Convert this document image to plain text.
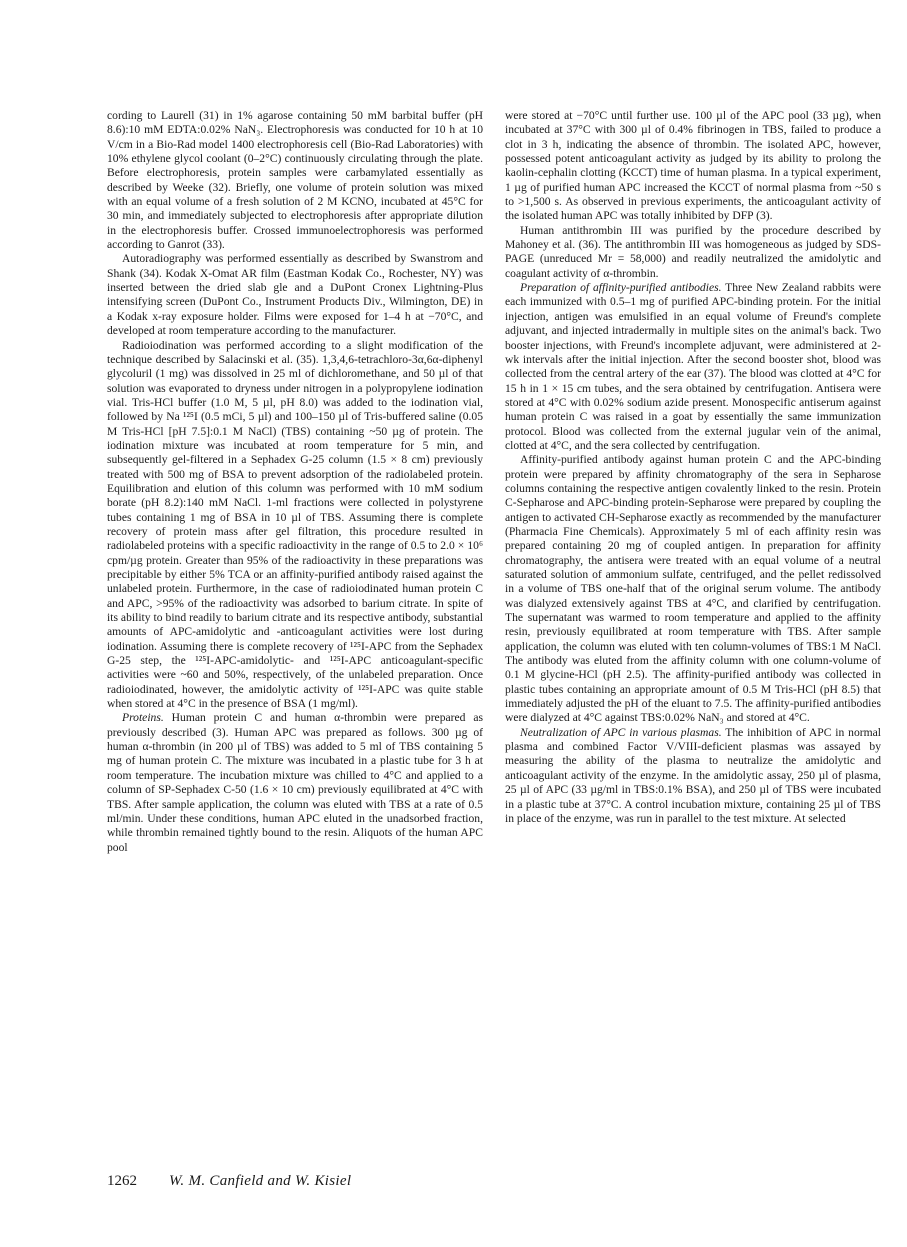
cording to Laurell (31) in 1% agarose containing 50 mM barbital buffer (pH 8.6):10 mM EDTA:0.02% NaN₃. Electrophoresis was conducted for 10 h at 10 V/cm in a Bio-Rad model 1400 electrophoresis cell (Bio-Rad Laboratories) with 10% ethylene glycol coolant (0–2°C) continuously circulating through the plate. Before electrophoresis, protein samples were carbamylated essentially as described by Weeke (32). Briefly, one volume of protein solution was mixed with an equal volume of a fresh solution of 2 M KCNO, incubated at 45°C for 30 min, and immediately subjected to electrophoresis after appropriate dilution in the electrophoresis buffer. Crossed immunoelectrophoresis was performed according to Ganrot (33).

Autoradiography was performed essentially as described by Swanstrom and Shank (34). Kodak X-Omat AR film (Eastman Kodak Co., Rochester, NY) was inserted between the dried slab gle and a DuPont Cronex Lightning-Plus intensifying screen (DuPont Co., Instrument Products Div., Wilmington, DE) in a Kodak x-ray exposure holder. Films were exposed for 1–4 h at −70°C, and developed at room temperature according to the manufacturer.

Radioiodination was performed according to a slight modification of the technique described by Salacinski et al. (35). 1,3,4,6-tetrachloro-3α,6α-diphenyl glycoluril (1 mg) was dissolved in 25 ml of dichloromethane, and 50 µl of that solution was evaporated to dryness under nitrogen in a polypropylene iodination vial. Tris-HCl buffer (1.0 M, 5 µl, pH 8.0) was added to the iodination vial, followed by Na ¹²⁵I (0.5 mCi, 5 µl) and 100–150 µl of Tris-buffered saline (0.05 M Tris-HCl [pH 7.5]:0.1 M NaCl) (TBS) containing ~50 µg of protein. The iodination mixture was incubated at room temperature for 5 min, and subsequently gel-filtered in a Sephadex G-25 column (1.5 × 8 cm) previously treated with 500 mg of BSA to prevent adsorption of the radiolabeled protein. Equilibration and elution of this column was performed with 10 mM sodium borate (pH 8.2):140 mM NaCl. 1-ml fractions were collected in polystyrene tubes containing 1 mg of BSA in 10 µl of TBS. Assuming there is complete recovery of protein mass after gel filtration, this procedure resulted in radiolabeled proteins with a specific radioactivity in the range of 0.5 to 2.0 × 10⁶ cpm/µg protein. Greater than 95% of the radioactivity in these preparations was precipitable by either 5% TCA or an affinity-purified antibody raised against the unlabeled protein. Furthermore, in the case of radioiodinated human protein C and APC, >95% of the radioactivity was adsorbed to barium citrate. In spite of its ability to bind readily to barium citrate and its respective antibody, substantial amounts of APC-amidolytic and -anticoagulant activities were lost during iodination. Assuming there is complete recovery of ¹²⁵I-APC from the Sephadex G-25 step, the ¹²⁵I-APC-amidolytic- and ¹²⁵I-APC anticoagulant-specific activities were ~60 and 50%, respectively, of the unlabeled preparation. Once radioiodinated, however, the amidolytic activity of ¹²⁵I-APC was quite stable when stored at 4°C in the presence of BSA (1 mg/ml).

Proteins. Human protein C and human α-thrombin were prepared as previously described (3). Human APC was prepared as follows. 300 µg of human α-thrombin (in 200 µl of TBS) was added to 5 ml of TBS containing 5 mg of human protein C. The mixture was incubated in a plastic tube for 3 h at room temperature. The incubation mixture was chilled to 4°C and applied to a column of SP-Sephadex C-50 (1.6 × 10 cm) previously equilibrated at 4°C with TBS. After sample application, the column was eluted with TBS at a rate of 0.5 ml/min. Under these conditions, human APC eluted in the unadsorbed fraction, while thrombin remained tightly bound to the resin. Aliquots of the human APC pool

were stored at −70°C until further use. 100 µl of the APC pool (33 µg), when incubated at 37°C with 300 µl of 0.4% fibrinogen in TBS, failed to produce a clot in 3 h, indicating the absence of thrombin. The isolated APC, however, possessed potent anticoagulant activity as judged by its ability to prolong the kaolin-cephalin clotting (KCCT) time of human plasma. In a typical experiment, 1 µg of purified human APC increased the KCCT of normal plasma from ~50 s to >1,500 s. As observed in previous experiments, the anticoagulant activity of the isolated human APC was totally inhibited by DFP (3).

Human antithrombin III was purified by the procedure described by Mahoney et al. (36). The antithrombin III was homogeneous as judged by SDS-PAGE (unreduced Mr = 58,000) and readily neutralized the amidolytic and coagulant activity of α-thrombin.

Preparation of affinity-purified antibodies. Three New Zealand rabbits were each immunized with 0.5–1 mg of purified APC-binding protein. For the initial injection, antigen was emulsified in an equal volume of Freund's complete adjuvant, and injected intradermally in multiple sites on the animal's back. Two booster injections, with Freund's incomplete adjuvant, were administered at 2-wk intervals after the initial injection. After the second booster shot, blood was collected from the central artery of the ear (37). The blood was clotted at 4°C for 15 h in 1 × 15 cm tubes, and the sera obtained by centrifugation. Antisera were stored at 4°C with 0.02% sodium azide present. Monospecific antiserum against human protein C was raised in a goat by essentially the same immunization protocol. Blood was collected from the external jugular vein of the animal, clotted at 4°C, and the sera collected by centrifugation.

Affinity-purified antibody against human protein C and the APC-binding protein were prepared by affinity chromatography of the sera in Sepharose columns containing the respective antigen covalently linked to the resin. Protein C-Sepharose and APC-binding protein-Sepharose were prepared by coupling the antigen to activated CH-Sepharose exactly as recommended by the manufacturer (Pharmacia Fine Chemicals). Approximately 5 ml of each affinity resin was prepared containing 20 mg of coupled antigen. In preparation for affinity chromatography, the antisera were treated with an equal volume of a neutral saturated solution of ammonium sulfate, centrifuged, and the pellet redissolved in a volume of TBS one-half that of the original serum volume. The antibody was dialyzed extensively against TBS at 4°C, and clarified by centrifugation. The supernatant was warmed to room temperature and applied to the affinity resin, previously equilibrated at room temperature with TBS. After sample application, the column was eluted with ten column-volumes of TBS:1 M NaCl. The antibody was eluted from the affinity column with one column-volume of 0.1 M glycine-HCl (pH 2.5). The affinity-purified antibody was collected in plastic tubes containing an appropriate amount of 0.5 M Tris-HCl (pH 8.5) that immediately adjusted the pH of the eluant to 7.5. The affinity-purified antibodies were dialyzed at 4°C against TBS:0.02% NaN₃ and stored at 4°C.

Neutralization of APC in various plasmas. The inhibition of APC in normal plasma and combined Factor V/VIII-deficient plasmas was assayed by measuring the ability of the plasma to neutralize the amidolytic and anticoagulant activity of the enzyme. In the amidolytic assay, 250 µl of plasma, 25 µl of APC (33 µg/ml in TBS:0.1% BSA), and 250 µl of TBS were incubated in a plastic tube at 37°C. A control incubation mixture, containing 25 µl of TBS in place of the enzyme, was run in parallel to the test mixture. At selected

1262 W. M. Canfield and W. Kisiel
